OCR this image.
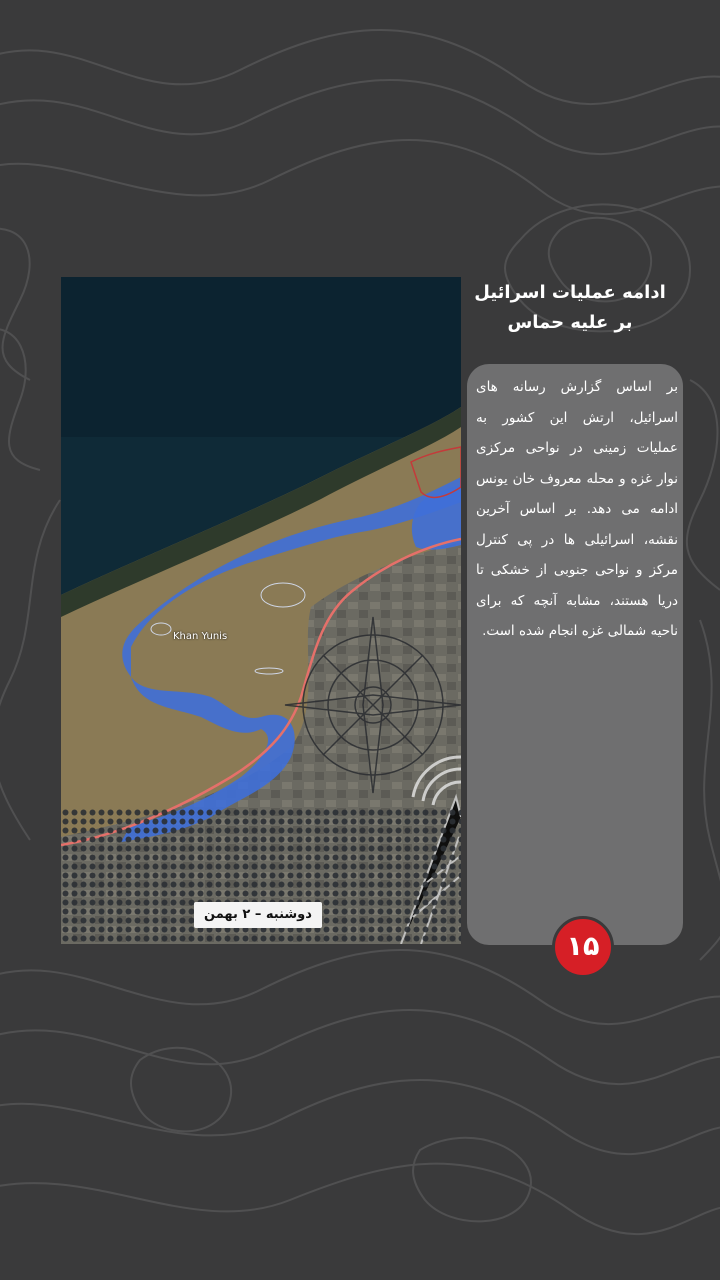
Khan Yunis
دوشنبه – ۲ بهمن
ادامه عملیات اسرائیل
بر علیه حماس
بر اساس گزارش رسانه های اسرائیل، ارتش این کشور به عملیات زمینی در نواحی مرکزی نوار غزه و محله معروف خان یونس ادامه می دهد. بر اساس آخرین نقشه، اسرائیلی ها در پی کنترل مرکز و نواحی جنوبی از خشکی تا دریا هستند، مشابه آنچه که برای ناحیه شمالی غزه انجام شده است.
۱۵
